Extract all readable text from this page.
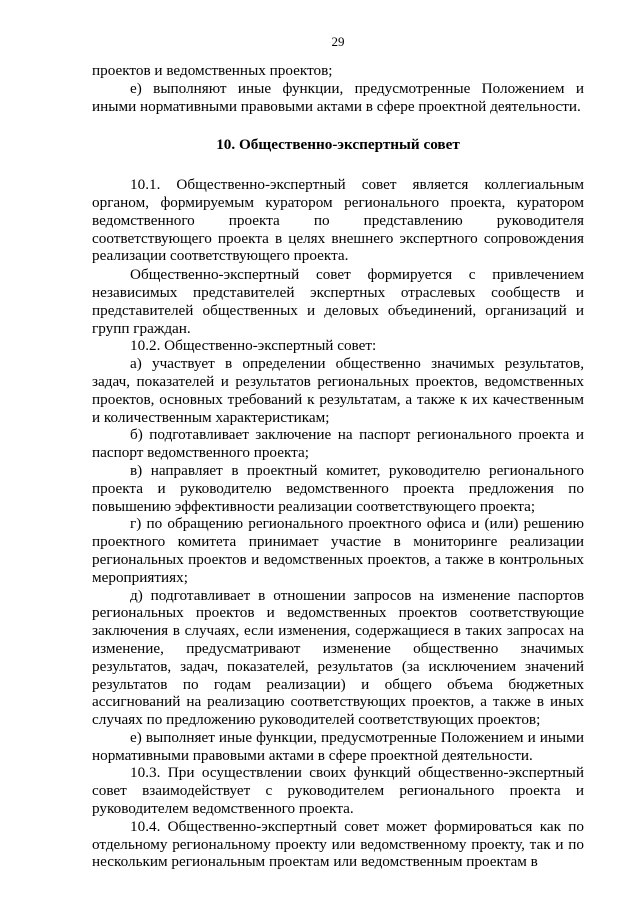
29

проектов и ведомственных проектов;

е) выполняют иные функции, предусмотренные Положением и иными нормативными правовыми актами в сфере проектной деятельности.

10. Общественно-экспертный совет

10.1. Общественно-экспертный совет является коллегиальным органом, формируемым куратором регионального проекта, куратором ведомственного проекта по представлению руководителя соответствующего проекта в целях внешнего экспертного сопровождения реализации соответствующего проекта.

Общественно-экспертный совет формируется с привлечением независимых представителей экспертных отраслевых сообществ и представителей общественных и деловых объединений, организаций и групп граждан.

10.2. Общественно-экспертный совет:

а) участвует в определении общественно значимых результатов, задач, показателей и результатов региональных проектов, ведомственных проектов, основных требований к результатам, а также к их качественным и количественным характеристикам;

б) подготавливает заключение на паспорт регионального проекта и паспорт ведомственного проекта;

в) направляет в проектный комитет, руководителю регионального проекта и руководителю ведомственного проекта предложения по повышению эффективности реализации соответствующего проекта;

г) по обращению регионального проектного офиса и (или) решению проектного комитета принимает участие в мониторинге реализации региональных проектов и ведомственных проектов, а также в контрольных мероприятиях;

д) подготавливает в отношении запросов на изменение паспортов региональных проектов и ведомственных проектов соответствующие заключения в случаях, если изменения, содержащиеся в таких запросах на изменение, предусматривают изменение общественно значимых результатов, задач, показателей, результатов (за исключением значений результатов по годам реализации) и общего объема бюджетных ассигнований на реализацию соответствующих проектов, а также в иных случаях по предложению руководителей соответствующих проектов;

е) выполняет иные функции, предусмотренные Положением и иными нормативными правовыми актами в сфере проектной деятельности.

10.3. При осуществлении своих функций общественно-экспертный совет взаимодействует с руководителем регионального проекта и руководителем ведомственного проекта.

10.4. Общественно-экспертный совет может формироваться как по отдельному региональному проекту или ведомственному проекту, так и по нескольким региональным проектам или ведомственным проектам в
